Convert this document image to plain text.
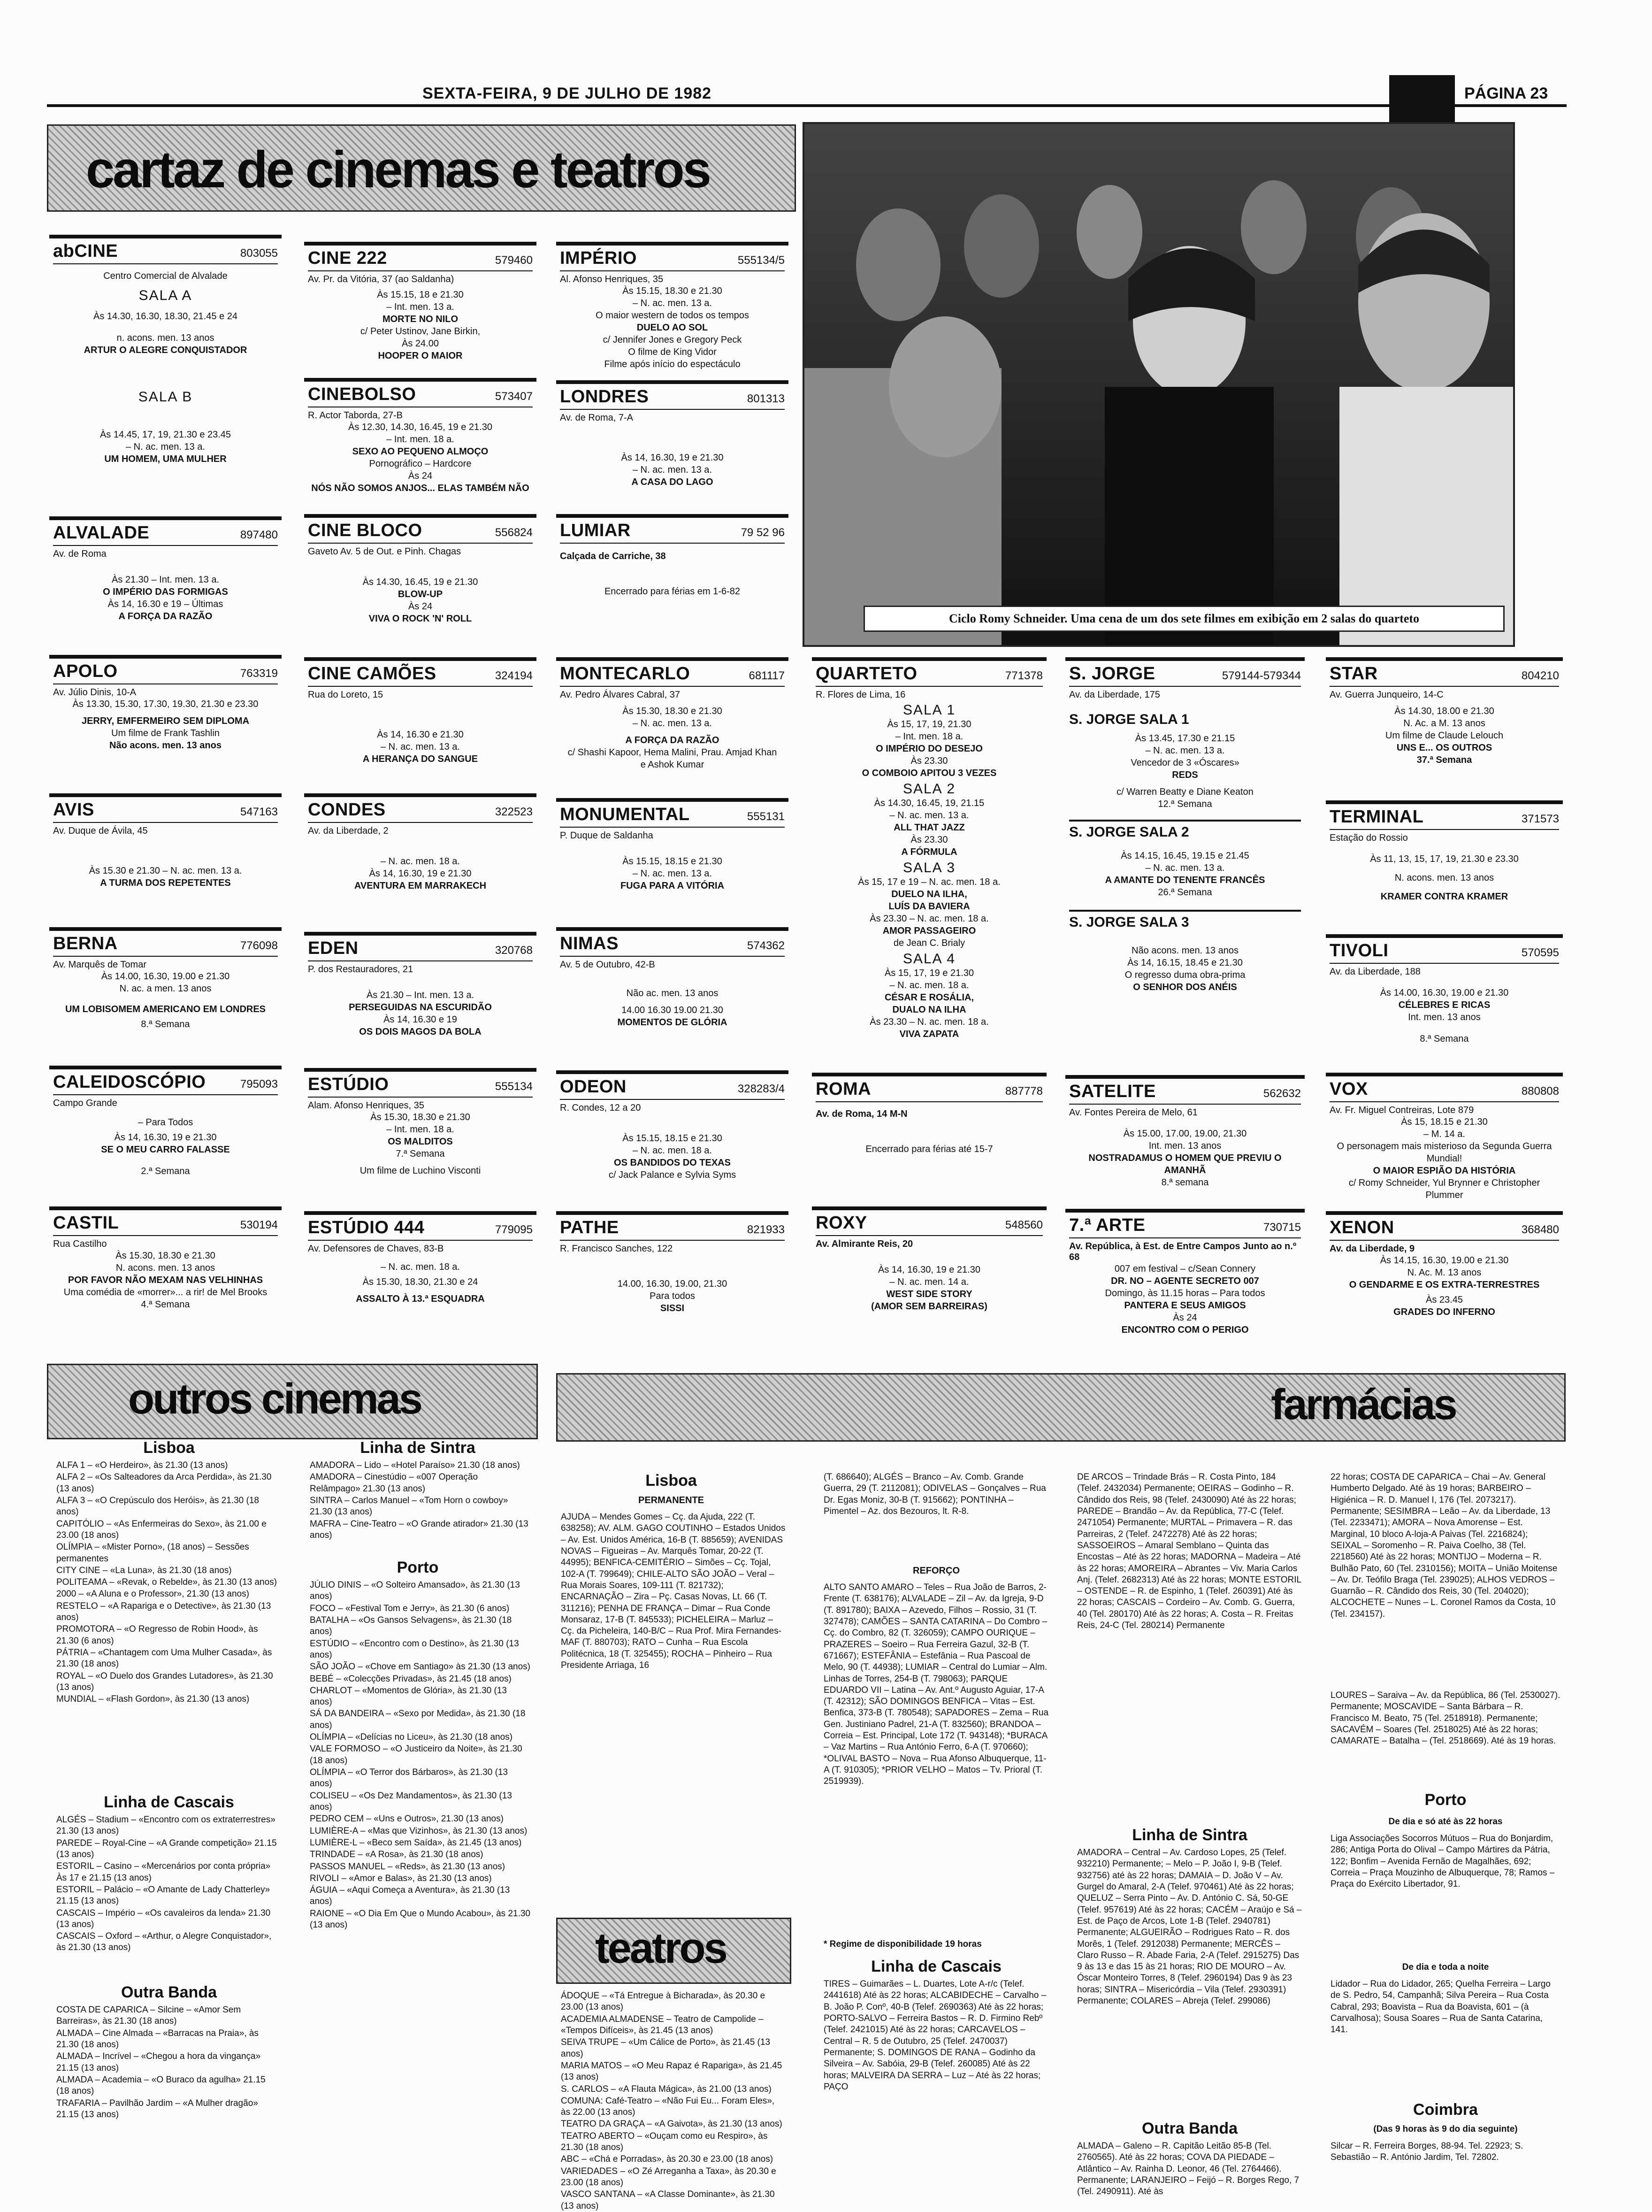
SEXTA-FEIRA, 9 DE JULHO DE 1982	PÁGINA 23
cartaz de cinemas e teatros
Ciclo Romy Schneider. Uma cena de um dos sete filmes em exibição em 2 salas do quarteto
abCINE	803055
Centro Comercial de Alvalade
SALA A
Às 14.30, 16.30, 18.30, 21.45 e 24
n. acons. men. 13 anos
ARTUR O ALEGRE CONQUISTADOR
SALA B
Às 14.45, 17, 19, 21.30 e 23.45
– N. ac. men. 13 a.
UM HOMEM, UMA MULHER
ALVALADE	897480
Av. de Roma
Às 21.30 – Int. men. 13 a.
O IMPÉRIO DAS FORMIGAS
Às 14, 16.30 e 19 – Últimas
A FORÇA DA RAZÃO
APOLO	763319
Av. Júlio Dinis, 10-A
Às 13.30, 15.30, 17.30, 19.30, 21.30 e 23.30
JERRY, EMFERMEIRO SEM DIPLOMA
Um filme de Frank Tashlin
Não acons. men. 13 anos
AVIS	547163
Av. Duque de Ávila, 45
Às 15.30 e 21.30 – N. ac. men. 13 a.
A TURMA DOS REPETENTES
BERNA	776098
Av. Marquês de Tomar
Às 14.00, 16.30, 19.00 e 21.30
N. ac. a men. 13 anos
UM LOBISOMEM AMERICANO EM LONDRES
8.ª Semana
CALEIDOSCÓPIO	795093
Campo Grande
– Para Todos
Às 14, 16.30, 19 e 21.30
SE O MEU CARRO FALASSE
2.ª Semana
CASTIL	530194
Rua Castilho
Às 15.30, 18.30 e 21.30
N. acons. men. 13 anos
POR FAVOR NÃO MEXAM NAS VELHINHAS
Uma comédia de «morrer»... a rir! de Mel Brooks
4.ª Semana
CINE 222	579460
Av. Pr. da Vitória, 37 (ao Saldanha)
Às 15.15, 18 e 21.30
– Int. men. 13 a.
MORTE NO NILO
c/ Peter Ustinov, Jane Birkin,
Às 24.00
HOOPER O MAIOR
CINEBOLSO	573407
R. Actor Taborda, 27-B
Às 12.30, 14.30, 16.45, 19 e 21.30
– Int. men. 18 a.
SEXO AO PEQUENO ALMOÇO
Pornográfico – Hardcore
Às 24
NÓS NÃO SOMOS ANJOS... ELAS TAMBÉM NÃO
CINE BLOCO	556824
Gaveto Av. 5 de Out. e Pinh. Chagas
Às 14.30, 16.45, 19 e 21.30
BLOW-UP
Às 24
VIVA O ROCK 'N' ROLL
CINE CAMÕES	324194
Rua do Loreto, 15
Às 14, 16.30 e 21.30
– N. ac. men. 13 a.
A HERANÇA DO SANGUE
CONDES	322523
Av. da Liberdade, 2
– N. ac. men. 18 a.
Às 14, 16.30, 19 e 21.30
AVENTURA EM MARRAKECH
EDEN	320768
P. dos Restauradores, 21
Às 21.30 – Int. men. 13 a.
PERSEGUIDAS NA ESCURIDÃO
Às 14, 16.30 e 19
OS DOIS MAGOS DA BOLA
ESTÚDIO	555134
Alam. Afonso Henriques, 35
Às 15.30, 18.30 e 21.30
– Int. men. 18 a.
OS MALDITOS
7.ª Semana
Um filme de Luchino Visconti
ESTÚDIO 444	779095
Av. Defensores de Chaves, 83-B
– N. ac. men. 18 a.
Às 15.30, 18.30, 21.30 e 24
ASSALTO À 13.ª ESQUADRA
IMPÉRIO	555134/5
Al. Afonso Henriques, 35
Às 15.15, 18.30 e 21.30
– N. ac. men. 13 a.
O maior western de todos os tempos
DUELO AO SOL
c/ Jennifer Jones e Gregory Peck
O filme de King Vidor
Filme após início do espectáculo
LONDRES	801313
Av. de Roma, 7-A
Às 14, 16.30, 19 e 21.30
– N. ac. men. 13 a.
A CASA DO LAGO
LUMIAR	79 52 96
Calçada de Carriche, 38
Encerrado para férias em 1-6-82
MONTECARLO	681117
Av. Pedro Álvares Cabral, 37
Às 15.30, 18.30 e 21.30
– N. ac. men. 13 a.
A FORÇA DA RAZÃO
c/ Shashi Kapoor, Hema Malini, Prau. Amjad Khan
e Ashok Kumar
MONUMENTAL	555131
P. Duque de Saldanha
Às 15.15, 18.15 e 21.30
– N. ac. men. 13 a.
FUGA PARA A VITÓRIA
NIMAS	574362
Av. 5 de Outubro, 42-B
Não ac. men. 13 anos
14.00 16.30 19.00 21.30
MOMENTOS DE GLÓRIA
ODEON	328283/4
R. Condes, 12 a 20
Às 15.15, 18.15 e 21.30
– N. ac. men. 18 a.
OS BANDIDOS DO TEXAS
c/ Jack Palance e Sylvia Syms
PATHE	821933
R. Francisco Sanches, 122
14.00, 16.30, 19.00, 21.30
Para todos
SISSI
QUARTETO	771378
R. Flores de Lima, 16
SALA 1
Às 15, 17, 19, 21.30
– Int. men. 18 a.
O IMPÉRIO DO DESEJO
Às 23.30
O COMBOIO APITOU 3 VEZES
SALA 2
Às 14.30, 16.45, 19, 21.15
– N. ac. men. 13 a.
ALL THAT JAZZ
Às 23.30
A FÓRMULA
SALA 3
Às 15, 17 e 19 – N. ac. men. 18 a.
DUELO NA ILHA,
LUÍS DA BAVIERA
Às 23.30 – N. ac. men. 18 a.
AMOR PASSAGEIRO
de Jean C. Brialy
SALA 4
Às 15, 17, 19 e 21.30
– N. ac. men. 18 a.
CÉSAR E ROSÁLIA,
DUALO NA ILHA
Às 23.30 – N. ac. men. 18 a.
VIVA ZAPATA
ROMA	887778
Av. de Roma, 14 M-N
Encerrado para férias até 15-7
ROXY	548560
Av. Almirante Reis, 20
Às 14, 16.30, 19 e 21.30
– N. ac. men. 14 a.
WEST SIDE STORY
(AMOR SEM BARREIRAS)
S. JORGE	579144-579344
Av. da Liberdade, 175
S. JORGE SALA 1
Às 13.45, 17.30 e 21.15
– N. ac. men. 13 a.
Vencedor de 3 «Óscares»
REDS
c/ Warren Beatty e Diane Keaton
12.ª Semana
S. JORGE SALA 2
Às 14.15, 16.45, 19.15 e 21.45
– N. ac. men. 13 a.
A AMANTE DO TENENTE FRANCÊS
26.ª Semana
S. JORGE SALA 3
Não acons. men. 13 anos
Às 14, 16.15, 18.45 e 21.30
O regresso duma obra-prima
O SENHOR DOS ANÉIS
SATELITE	562632
Av. Fontes Pereira de Melo, 61
Às 15.00, 17.00, 19.00, 21.30
Int. men. 13 anos
NOSTRADAMUS O HOMEM QUE PREVIU O AMANHÃ
8.ª semana
7.ª ARTE	730715
Av. República, à Est. de Entre Campos Junto ao n.º 68
007 em festival – c/Sean Connery
DR. NO – AGENTE SECRETO 007
Domingo, às 11.15 horas – Para todos
PANTERA E SEUS AMIGOS
Às 24
ENCONTRO COM O PERIGO
STAR	804210
Av. Guerra Junqueiro, 14-C
Às 14.30, 18.00 e 21.30
N. Ac. a M. 13 anos
Um filme de Claude Lelouch
UNS E... OS OUTROS
37.ª Semana
TERMINAL	371573
Estação do Rossio
Às 11, 13, 15, 17, 19, 21.30 e 23.30
N. acons. men. 13 anos
KRAMER CONTRA KRAMER
TIVOLI	570595
Av. da Liberdade, 188
Às 14.00, 16.30, 19.00 e 21.30
CÉLEBRES E RICAS
Int. men. 13 anos
8.ª Semana
VOX	880808
Av. Fr. Miguel Contreiras, Lote 879
Às 15, 18.15 e 21.30
– M. 14 a.
O personagem mais misterioso da Segunda Guerra Mundial!
O MAIOR ESPIÃO DA HISTÓRIA
c/ Romy Schneider, Yul Brynner e Christopher Plummer
XENON	368480
Av. da Liberdade, 9
Às 14.15, 16.30, 19.00 e 21.30
N. Ac. M. 13 anos
O GENDARME E OS EXTRA-TERRESTRES
Às 23.45
GRADES DO INFERNO
outros cinemas
Lisboa

ALFA 1 – «O Herdeiro», às 21.30 (13 anos)

ALFA 2 – «Os Salteadores da Arca Perdida», às 21.30 (13 anos)

ALFA 3 – «O Crepúsculo dos Heróis», às 21.30 (18 anos)

CAPITÓLIO – «As Enfermeiras do Sexo», às 21.00 e 23.00 (18 anos)

OLÍMPIA – «Mister Porno», (18 anos) – Sessões permanentes

CITY CINE – «La Luna», às 21.30 (18 anos)

POLITEAMA – «Revak, o Rebelde», às 21.30 (13 anos)

2000 – «A Aluna e o Professor», 21.30 (13 anos)

RESTELO – «A Rapariga e o Detective», às 21.30 (13 anos)

PROMOTORA – «O Regresso de Robin Hood», às 21.30 (6 anos)

PÁTRIA – «Chantagem com Uma Mulher Casada», às 21.30 (18 anos)

ROYAL – «O Duelo dos Grandes Lutadores», às 21.30 (13 anos)

MUNDIAL – «Flash Gordon», às 21.30 (13 anos)

Linha de Cascais

ALGÉS – Stadium – «Encontro com os extraterrestres» 21.30 (13 anos)

PAREDE – Royal-Cine – «A Grande competição» 21.15 (13 anos)

ESTORIL – Casino – «Mercenários por conta própria» Às 17 e 21.15 (13 anos)

ESTORIL – Palácio – «O Amante de Lady Chatterley» 21.15 (13 anos)

CASCAIS – Império – «Os cavaleiros da lenda» 21.30 (13 anos)

CASCAIS – Oxford – «Arthur, o Alegre Conquistador», às 21.30 (13 anos)

Outra Banda

COSTA DE CAPARICA – Silcine – «Amor Sem Barreiras», às 21.30 (18 anos)

ALMADA – Cine Almada – «Barracas na Praia», às 21.30 (18 anos)

ALMADA – Incrível – «Chegou a hora da vingança» 21.15 (13 anos)

ALMADA – Academia – «O Buraco da agulha» 21.15 (18 anos)

TRAFARIA – Pavilhão Jardim – «A Mulher dragão» 21.15 (13 anos)

Linha de Sintra

AMADORA – Lido – «Hotel Paraíso» 21.30 (18 anos)

AMADORA – Cinestúdio – «007 Operação Relâmpago» 21.30 (13 anos)

SINTRA – Carlos Manuel – «Tom Horn o cowboy» 21.30 (13 anos)

MAFRA – Cine-Teatro – «O Grande atirador» 21.30 (13 anos)

Porto

JÚLIO DINIS – «O Solteiro Amansado», às 21.30 (13 anos)

FOCO – «Festival Tom e Jerry», às 21.30 (6 anos)

BATALHA – «Os Gansos Selvagens», às 21.30 (18 anos)

ESTÚDIO – «Encontro com o Destino», às 21.30 (13 anos)

SÃO JOÃO – «Chove em Santiago» às 21.30 (13 anos)

BEBÉ – «Colecções Privadas», às 21.45 (18 anos)

CHARLOT – «Momentos de Glória», às 21.30 (13 anos)

SÁ DA BANDEIRA – «Sexo por Medida», às 21.30 (18 anos)

OLÍMPIA – «Delícias no Liceu», às 21.30 (18 anos)

VALE FORMOSO – «O Justiceiro da Noite», às 21.30 (18 anos)

OLÍMPIA – «O Terror dos Bárbaros», às 21.30 (13 anos)

COLISEU – «Os Dez Mandamentos», às 21.30 (13 anos)

PEDRO CEM – «Uns e Outros», 21.30 (13 anos)

LUMIÈRE-A – «Mas que Vizinhos», às 21.30 (13 anos)

LUMIÈRE-L – «Beco sem Saída», às 21.45 (13 anos)

TRINDADE – «A Rosa», às 21.30 (18 anos)

PASSOS MANUEL – «Reds», às 21.30 (13 anos)

RIVOLI – «Amor e Balas», às 21.30 (13 anos)

ÁGUIA – «Aqui Começa a Aventura», às 21.30 (13 anos)

RAIONE – «O Dia Em Que o Mundo Acabou», às 21.30 (13 anos)

farmácias
Lisboa
PERMANENTE
AJUDA – Mendes Gomes – Cç. da Ajuda, 222 (T. 638258); AV. ALM. GAGO COUTINHO – Estados Unidos – Av. Est. Unidos América, 16-B (T. 885659); AVENIDAS NOVAS – Figueiras – Av. Marquês Tomar, 20-22 (T. 44995); BENFICA-CEMITÉRIO – Simões – Cç. Tojal, 102-A (T. 799649); CHILE-ALTO SÃO JOÃO – Veral – Rua Morais Soares, 109-111 (T. 821732); ENCARNAÇÃO – Zira – Pç. Casas Novas, Lt. 66 (T. 311216); PENHA DE FRANÇA – Dimar – Rua Conde Monsaraz, 17-B (T. 845533); PICHELEIRA – Marluz – Cç. da Picheleira, 140-B/C – Rua Prof. Mira Fernandes-MAF (T. 880703); RATO – Cunha – Rua Escola Politécnica, 18 (T. 325455); ROCHA – Pinheiro – Rua Presidente Arriaga, 16
(T. 686640); ALGÉS – Branco – Av. Comb. Grande Guerra, 29 (T. 2112081); ODIVELAS – Gonçalves – Rua Dr. Egas Moniz, 30-B (T. 915662); PONTINHA – Pimentel – Az. dos Bezouros, lt. R-8.
REFORÇO
ALTO SANTO AMARO – Teles – Rua João de Barros, 2-Frente (T. 638176); ALVALADE – Zil – Av. da Igreja, 9-D (T. 891780); BAIXA – Azevedo, Filhos – Rossio, 31 (T. 327478); CAMÕES – SANTA CATARINA – Do Combro – Cç. do Combro, 82 (T. 326059); CAMPO OURIQUE – PRAZERES – Soeiro – Rua Ferreira Gazul, 32-B (T. 671667); ESTEFÂNIA – Estefânia – Rua Pascoal de Melo, 90 (T. 44938); LUMIAR – Central do Lumiar – Alm. Linhas de Torres, 254-B (T. 798063); PARQUE EDUARDO VII – Latina – Av. Ant.º Augusto Aguiar, 17-A (T. 42312); SÃO DOMINGOS BENFICA – Vitas – Est. Benfica, 373-B (T. 780548); SAPADORES – Zema – Rua Gen. Justiniano Padrel, 21-A (T. 832560); BRANDOA – Correia – Est. Principal, Lote 172 (T. 943148); *BURACA – Vaz Martins – Rua António Ferro, 6-A (T. 970660); *OLIVAL BASTO – Nova – Rua Afonso Albuquerque, 11-A (T. 910305); *PRIOR VELHO – Matos – Tv. Prioral (T. 2519939).
* Regime de disponibilidade 19 horas
Linha de Cascais
TIRES – Guimarães – L. Duartes, Lote A-r/c (Telef. 2441618) Até às 22 horas; ALCABIDECHE – Carvalho – B. João P. Conº, 40-B (Telef. 2690363) Até às 22 horas; PORTO-SALVO – Ferreira Bastos – R. D. Firmino Rebº (Telef. 2421015) Até às 22 horas; CARCAVELOS – Central – R. 5 de Outubro, 25 (Telef. 2470037) Permanente; S. DOMINGOS DE RANA – Godinho da Silveira – Av. Sabóia, 29-B (Telef. 260085) Até às 22 horas; MALVEIRA DA SERRA – Luz – Até às 22 horas; PAÇO
DE ARCOS – Trindade Brás – R. Costa Pinto, 184 (Telef. 2432034) Permanente; OEIRAS – Godinho – R. Cândido dos Reis, 98 (Telef. 2430090) Até às 22 horas; PAREDE – Brandão – Av. da República, 77-C (Telef. 2471054) Permanente; MURTAL – Primavera – R. das Parreiras, 2 (Telef. 2472278) Até às 22 horas; SASSOEIROS – Amaral Semblano – Quinta das Encostas – Até às 22 horas; MADORNA – Madeira – Até às 22 horas; AMOREIRA – Abrantes – Viv. Maria Carlos Anj. (Telef. 2682313) Até às 22 horas; MONTE ESTORIL – OSTENDE – R. de Espinho, 1 (Telef. 260391) Até às 22 horas; CASCAIS – Cordeiro – Av. Comb. G. Guerra, 40 (Tel. 280170) Até às 22 horas; A. Costa – R. Freitas Reis, 24-C (Tel. 280214) Permanente
Linha de Sintra
AMADORA – Central – Av. Cardoso Lopes, 25 (Telef. 932210) Permanente; – Melo – P. João I, 9-B (Telef. 932756) até às 22 horas; DAMAIA – D. João V – Av. Gurgel do Amaral, 2-A (Telef. 970461) Até às 22 horas; QUELUZ – Serra Pinto – Av. D. António C. Sá, 50-GE (Telef. 957619) Até às 22 horas; CACÉM – Araújo e Sá – Est. de Paço de Arcos, Lote 1-B (Telef. 2940781) Permanente; ALGUEIRÃO – Rodrigues Rato – R. dos Morês, 1 (Telef. 2912038) Permanente; MERCÊS – Claro Russo – R. Abade Faria, 2-A (Telef. 2915275) Das 9 às 13 e das 15 às 21 horas; RIO DE MOURO – Av. Óscar Monteiro Torres, 8 (Telef. 2960194) Das 9 às 23 horas; SINTRA – Misericórdia – Vila (Telef. 2930391) Permanente; COLARES – Abreja (Telef. 299086)
Outra Banda
ALMADA – Galeno – R. Capitão Leitão 85-B (Tel. 2760565). Até às 22 horas; COVA DA PIEDADE – Atlântico – Av. Rainha D. Leonor, 46 (Tel. 2764466). Permanente; LARANJEIRO – Feijó – R. Borges Rego, 7 (Tel. 2490911). Até às
22 horas; COSTA DE CAPARICA – Chai – Av. General Humberto Delgado. Até às 19 horas; BARBEIRO – Higiénica – R. D. Manuel I, 176 (Tel. 2073217). Permanente; SESIMBRA – Leão – Av. da Liberdade, 13 (Tel. 2233471); AMORA – Nova Amorense – Est. Marginal, 10 bloco A-loja-A Paivas (Tel. 2216824); SEIXAL – Soromenho – R. Paiva Coelho, 38 (Tel. 2218560) Até às 22 horas; MONTIJO – Moderna – R. Bulhão Pato, 60 (Tel. 2310156); MOITA – União Moitense – Av. Dr. Teófilo Braga (Tel. 239025); ALHOS VEDROS – Guarnão – R. Cândido dos Reis, 30 (Tel. 204020); ALCOCHETE – Nunes – L. Coronel Ramos da Costa, 10 (Tel. 234157).
LOURES – Saraiva – Av. da República, 86 (Tel. 2530027). Permanente; MOSCAVIDE – Santa Bárbara – R. Francisco M. Beato, 75 (Tel. 2518918). Permanente; SACAVÉM – Soares (Tel. 2518025) Até às 22 horas; CAMARATE – Batalha – (Tel. 2518669). Até às 19 horas.
Porto
De dia e só até às 22 horas
Liga Associações Socorros Mútuos – Rua do Bonjardim, 286; Antiga Porta do Olival – Campo Mártires da Pátria, 122; Bonfim – Avenida Fernão de Magalhães, 692; Correia – Praça Mouzinho de Albuquerque, 78; Ramos – Praça do Exército Libertador, 91.
De dia e toda a noite
Lidador – Rua do Lidador, 265; Quelha Ferreira – Largo de S. Pedro, 54, Campanhã; Silva Pereira – Rua Costa Cabral, 293; Boavista – Rua da Boavista, 601 – (à Carvalhosa); Sousa Soares – Rua de Santa Catarina, 141.
Coimbra
(Das 9 horas às 9 do dia seguinte)
Silcar – R. Ferreira Borges, 88-94. Tel. 22923; S. Sebastião – R. António Jardim, Tel. 72802.
teatros

ÁDOQUE – «Tá Entregue à Bicharada», às 20.30 e 23.00 (13 anos)

ACADEMIA ALMADENSE – Teatro de Campolide – «Tempos Difíceis», às 21.45 (13 anos)

SEIVA TRUPE – «Um Cálice de Porto», às 21.45 (13 anos)

MARIA MATOS – «O Meu Rapaz é Rapariga», às 21.45 (13 anos)

S. CARLOS – «A Flauta Mágica», às 21.00 (13 anos)

COMUNA: Café-Teatro – «Não Fui Eu... Foram Eles», às 22.00 (13 anos)

TEATRO DA GRAÇA – «A Gaivota», às 21.30 (13 anos)

TEATRO ABERTO – «Ouçam como eu Respiro», às 21.30 (18 anos)

ABC – «Chá e Porradas», às 20.30 e 23.00 (18 anos)

VARIEDADES – «O Zé Arreganha a Taxa», às 20.30 e 23.00 (18 anos)

VASCO SANTANA – «A Classe Dominante», às 21.30 (13 anos)
